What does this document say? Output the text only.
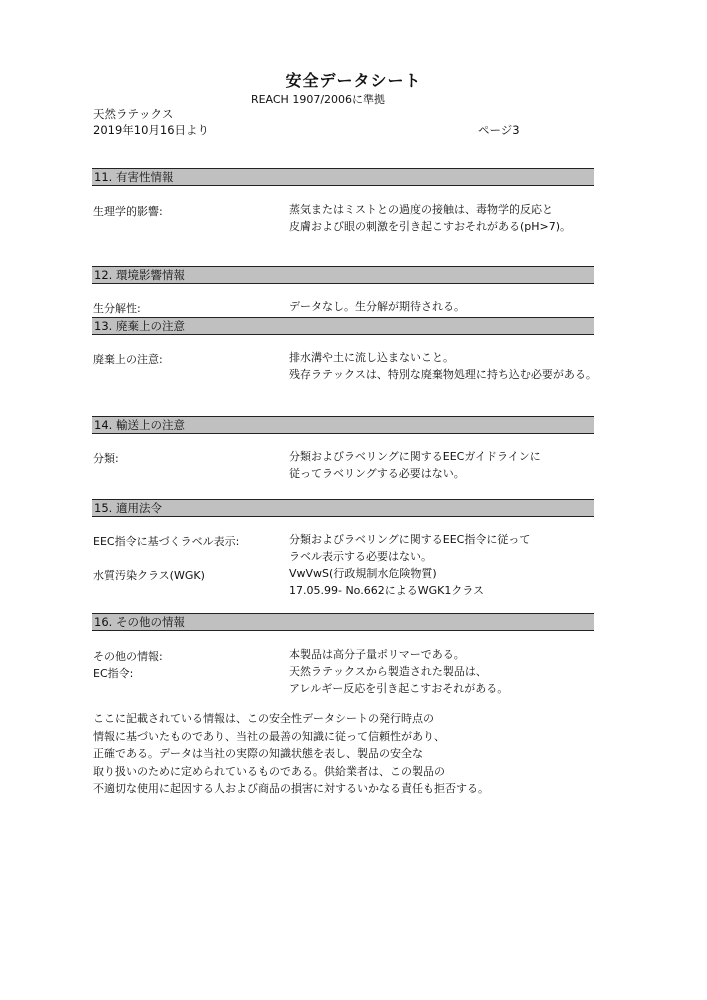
安全データシート
REACH 1907/2006に準拠
天然ラテックス
2019年10月16日より	ページ3
11. 有害性情報
生理学的影響:	蒸気またはミストとの過度の接触は、毒物学的反応と
皮膚および眼の刺激を引き起こすおそれがある(pH>7)。
12. 環境影響情報
生分解性:	データなし。生分解が期待される。
13. 廃棄上の注意
廃棄上の注意:	排水溝や土に流し込まないこと。
残存ラテックスは、特別な廃棄物処理に持ち込む必要がある。
14. 輸送上の注意
分類:	分類およびラベリングに関するEECガイドラインに
従ってラベリングする必要はない。
15. 適用法令
EEC指令に基づくラベル表示:	分類およびラベリングに関するEEC指令に従って
ラベル表示する必要はない。
水質汚染クラス(WGK)	VwVwS(行政規制水危険物質)
17.05.99- No.662によるWGK1クラス
16. その他の情報
その他の情報:	本製品は高分子量ポリマーである。
EC指令:	天然ラテックスから製造された製品は、
アレルギー反応を引き起こすおそれがある。
ここに記載されている情報は、この安全性データシートの発行時点の
情報に基づいたものであり、当社の最善の知識に従って信頼性があり、
正確である。データは当社の実際の知識状態を表し、製品の安全な
取り扱いのために定められているものである。供給業者は、この製品の
不適切な使用に起因する人および商品の損害に対するいかなる責任も拒否する。
